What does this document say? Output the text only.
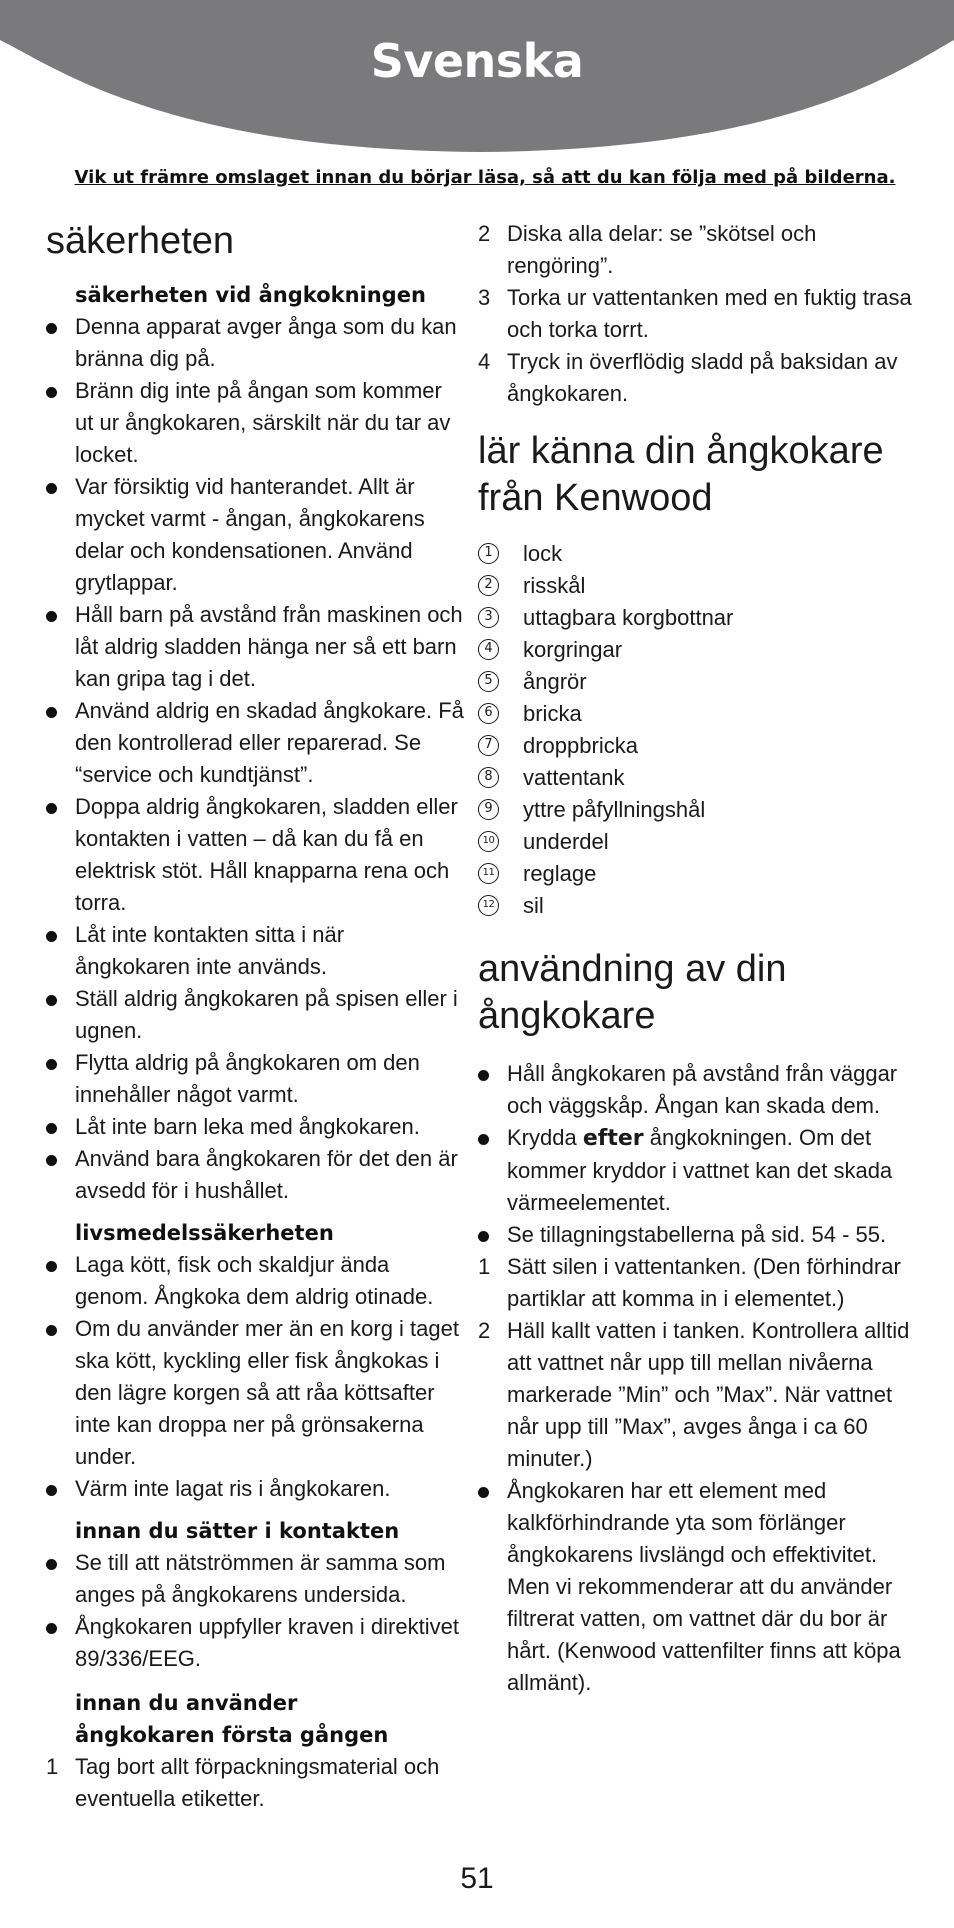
Svenska
Vik ut främre omslaget innan du börjar läsa, så att du kan följa med på bilderna.
säkerheten
säkerheten vid ångkokningen
Denna apparat avger ånga som du kan bränna dig på.
Bränn dig inte på ångan som kommer ut ur ångkokaren, särskilt när du tar av locket.
Var försiktig vid hanterandet. Allt är mycket varmt - ångan, ångkokarens delar och kondensationen. Använd grytlappar.
Håll barn på avstånd från maskinen och låt aldrig sladden hänga ner så ett barn kan gripa tag i det.
Använd aldrig en skadad ångkokare. Få den kontrollerad eller reparerad. Se “service och kundtjänst”.
Doppa aldrig ångkokaren, sladden eller kontakten i vatten – då kan du få en elektrisk stöt. Håll knapparna rena och torra.
Låt inte kontakten sitta i när ångkokaren inte används.
Ställ aldrig ångkokaren på spisen eller i ugnen.
Flytta aldrig på ångkokaren om den innehåller något varmt.
Låt inte barn leka med ångkokaren.
Använd bara ångkokaren för det den är avsedd för i hushållet.
livsmedelssäkerheten
Laga kött, fisk och skaldjur ända genom. Ångkoka dem aldrig otinade.
Om du använder mer än en korg i taget ska kött, kyckling eller fisk ångkokas i den lägre korgen så att råa köttsafter inte kan droppa ner på grönsakerna under.
Värm inte lagat ris i ångkokaren.
innan du sätter i kontakten
Se till att nätströmmen är samma som anges på ångkokarens undersida.
Ångkokaren uppfyller kraven i direktivet 89/336/EEG.
innan du använder
ångkokaren första gången
1 Tag bort allt förpackningsmaterial och eventuella etiketter.
2 Diska alla delar: se ”skötsel och rengöring”.
3 Torka ur vattentanken med en fuktig trasa och torka torrt.
4 Tryck in överflödig sladd på baksidan av ångkokaren.
lär känna din ångkokare från Kenwood
1 lock
2 risskål
3 uttagbara korgbottnar
4 korgringar
5 ångrör
6 bricka
7 droppbricka
8 vattentank
9 yttre påfyllningshål
10 underdel
11 reglage
12 sil
användning av din ångkokare
Håll ångkokaren på avstånd från väggar och väggskåp. Ångan kan skada dem.
Krydda efter ångkokningen. Om det kommer kryddor i vattnet kan det skada värmeelementet.
Se tillagningstabellerna på sid. 54 - 55.
1 Sätt silen i vattentanken. (Den förhindrar partiklar att komma in i elementet.)
2 Häll kallt vatten i tanken. Kontrollera alltid att vattnet når upp till mellan nivåerna markerade ”Min” och ”Max”. När vattnet når upp till ”Max”, avges ånga i ca 60 minuter.)
Ångkokaren har ett element med kalkförhindrande yta som förlänger ångkokarens livslängd och effektivitet. Men vi rekommenderar att du använder filtrerat vatten, om vattnet där du bor är hårt. (Kenwood vattenfilter finns att köpa allmänt).
51
